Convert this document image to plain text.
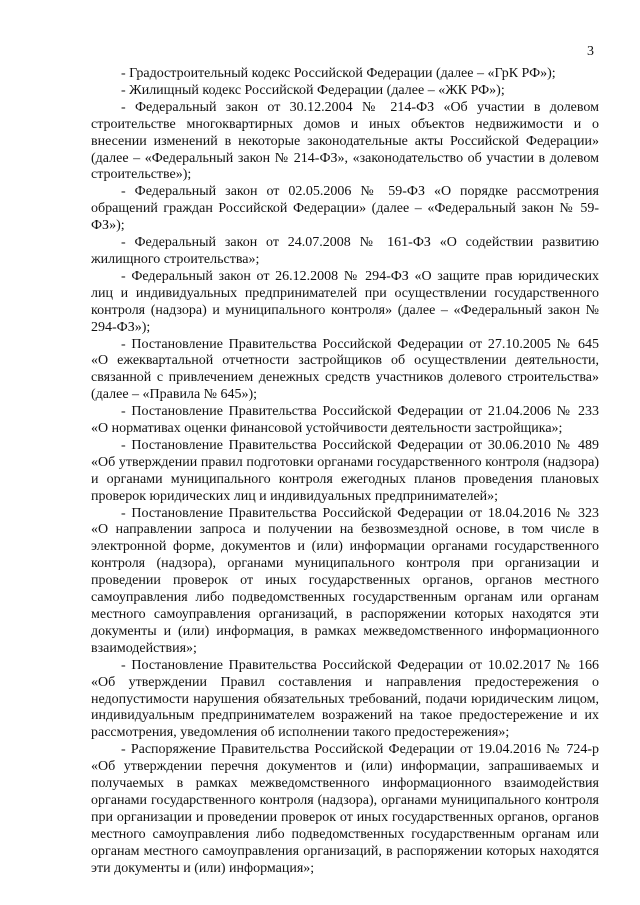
3

- Градостроительный кодекс Российской Федерации (далее – «ГрК РФ»);

- Жилищный кодекс Российской Федерации (далее – «ЖК РФ»);

- Федеральный закон от 30.12.2004 № 214-ФЗ «Об участии в долевом строительстве многоквартирных домов и иных объектов недвижимости и о внесении изменений в некоторые законодательные акты Российской Федерации» (далее – «Федеральный закон № 214-ФЗ», «законодательство об участии в долевом строительстве»);

- Федеральный закон от 02.05.2006 № 59-ФЗ «О порядке рассмотрения обращений граждан Российской Федерации» (далее – «Федеральный закон № 59-ФЗ»);

- Федеральный закон от 24.07.2008 № 161-ФЗ «О содействии развитию жилищного строительства»;

- Федеральный закон от 26.12.2008 № 294-ФЗ «О защите прав юридических лиц и индивидуальных предпринимателей при осуществлении государственного контроля (надзора) и муниципального контроля» (далее – «Федеральный закон № 294-ФЗ»);

- Постановление Правительства Российской Федерации от 27.10.2005 № 645 «О ежеквартальной отчетности застройщиков об осуществлении деятельности, связанной с привлечением денежных средств участников долевого строительства» (далее – «Правила № 645»);

- Постановление Правительства Российской Федерации от 21.04.2006 № 233 «О нормативах оценки финансовой устойчивости деятельности застройщика»;

- Постановление Правительства Российской Федерации от 30.06.2010 № 489 «Об утверждении правил подготовки органами государственного контроля (надзора) и органами муниципального контроля ежегодных планов проведения плановых проверок юридических лиц и индивидуальных предпринимателей»;

- Постановление Правительства Российской Федерации от 18.04.2016 № 323 «О направлении запроса и получении на безвозмездной основе, в том числе в электронной форме, документов и (или) информации органами государственного контроля (надзора), органами муниципального контроля при организации и проведении проверок от иных государственных органов, органов местного самоуправления либо подведомственных государственным органам или органам местного самоуправления организаций, в распоряжении которых находятся эти документы и (или) информация, в рамках межведомственного информационного взаимодействия»;

- Постановление Правительства Российской Федерации от 10.02.2017 № 166 «Об утверждении Правил составления и направления предостережения о недопустимости нарушения обязательных требований, подачи юридическим лицом, индивидуальным предпринимателем возражений на такое предостережение и их рассмотрения, уведомления об исполнении такого предостережения»;

- Распоряжение Правительства Российской Федерации от 19.04.2016 № 724-р «Об утверждении перечня документов и (или) информации, запрашиваемых и получаемых в рамках межведомственного информационного взаимодействия органами государственного контроля (надзора), органами муниципального контроля при организации и проведении проверок от иных государственных органов, органов местного самоуправления либо подведомственных государственным органам или органам местного самоуправления организаций, в распоряжении которых находятся эти документы и (или) информация»;
